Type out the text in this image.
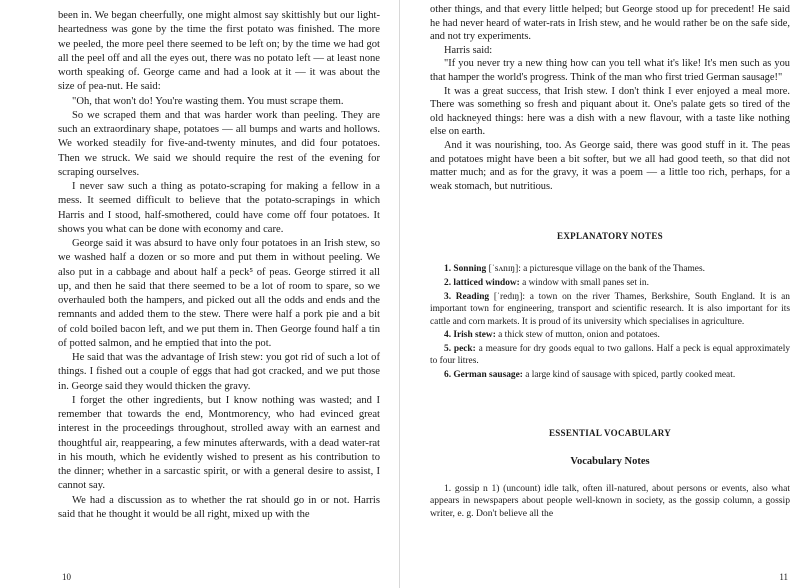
been in. We began cheerfully, one might almost say skittishly but our light-heartedness was gone by the time the first potato was finished. The more we peeled, the more peel there seemed to be left on; by the time we had got all the peel off and all the eyes out, there was no potato left — at least none worth speaking of. George came and had a look at it — it was about the size of pea-nut. He said:

"Oh, that won't do! You're wasting them. You must scrape them.

So we scraped them and that was harder work than peeling. They are such an extraordinary shape, potatoes — all bumps and warts and hollows. We worked steadily for five-and-twenty minutes, and did four potatoes. Then we struck. We said we should require the rest of the evening for scraping ourselves.

I never saw such a thing as potato-scraping for making a fellow in a mess. It seemed difficult to believe that the potato-scrapings in which Harris and I stood, half-smothered, could have come off four potatoes. It shows you what can be done with economy and care.

George said it was absurd to have only four potatoes in an Irish stew, so we washed half a dozen or so more and put them in without peeling. We also put in a cabbage and about half a peck⁵ of peas. George stirred it all up, and then he said that there seemed to be a lot of room to spare, so we overhauled both the hampers, and picked out all the odds and ends and the remnants and added them to the stew. There were half a pork pie and a bit of cold boiled bacon left, and we put them in. Then George found half a tin of potted salmon, and he emptied that into the pot.

He said that was the advantage of Irish stew: you got rid of such a lot of things. I fished out a couple of eggs that had got cracked, and we put those in. George said they would thicken the gravy.

I forget the other ingredients, but I know nothing was wasted; and I remember that towards the end, Montmorency, who had evinced great interest in the proceedings throughout, strolled away with an earnest and thoughtful air, reappearing, a few minutes afterwards, with a dead water-rat in his mouth, which he evidently wished to present as his contribution to the dinner; whether in a sarcastic spirit, or with a general desire to assist, I cannot say.

We had a discussion as to whether the rat should go in or not. Harris said that he thought it would be all right, mixed up with the

10

other things, and that every little helped; but George stood up for precedent! He said he had never heard of water-rats in Irish stew, and he would rather be on the safe side, and not try experiments.

Harris said:

"If you never try a new thing how can you tell what it's like! It's men such as you that hamper the world's progress. Think of the man who first tried German sausage!"

It was a great success, that Irish stew. I don't think I ever enjoyed a meal more. There was something so fresh and piquant about it. One's palate gets so tired of the old hackneyed things: here was a dish with a new flavour, with a taste like nothing else on earth.

And it was nourishing, too. As George said, there was good stuff in it. The peas and potatoes might have been a bit softer, but we all had good teeth, so that did not matter much; and as for the gravy, it was a poem — a little too rich, perhaps, for a weak stomach, but nutritious.

EXPLANATORY NOTES

1. Sonning [ˈsʌnɪŋ]: a picturesque village on the bank of the Thames.

2. latticed window: a window with small panes set in.

3. Reading [ˈredɪŋ]: a town on the river Thames, Berkshire, South England. It is an important town for engineering, transport and scientific research. It is also important for its cattle and corn markets. It is proud of its university which specialises in agriculture.

4. Irish stew: a thick stew of mutton, onion and potatoes.

5. peck: a measure for dry goods equal to two gallons. Half a peck is equal approximately to four litres.

6. German sausage: a large kind of sausage with spiced, partly cooked meat.

ESSENTIAL VOCABULARY
Vocabulary Notes

1. gossip n 1) (uncount) idle talk, often ill-natured, about persons or events, also what appears in newspapers about people well-known in society, as the gossip column, a gossip writer, e. g. Don't believe all the

11
